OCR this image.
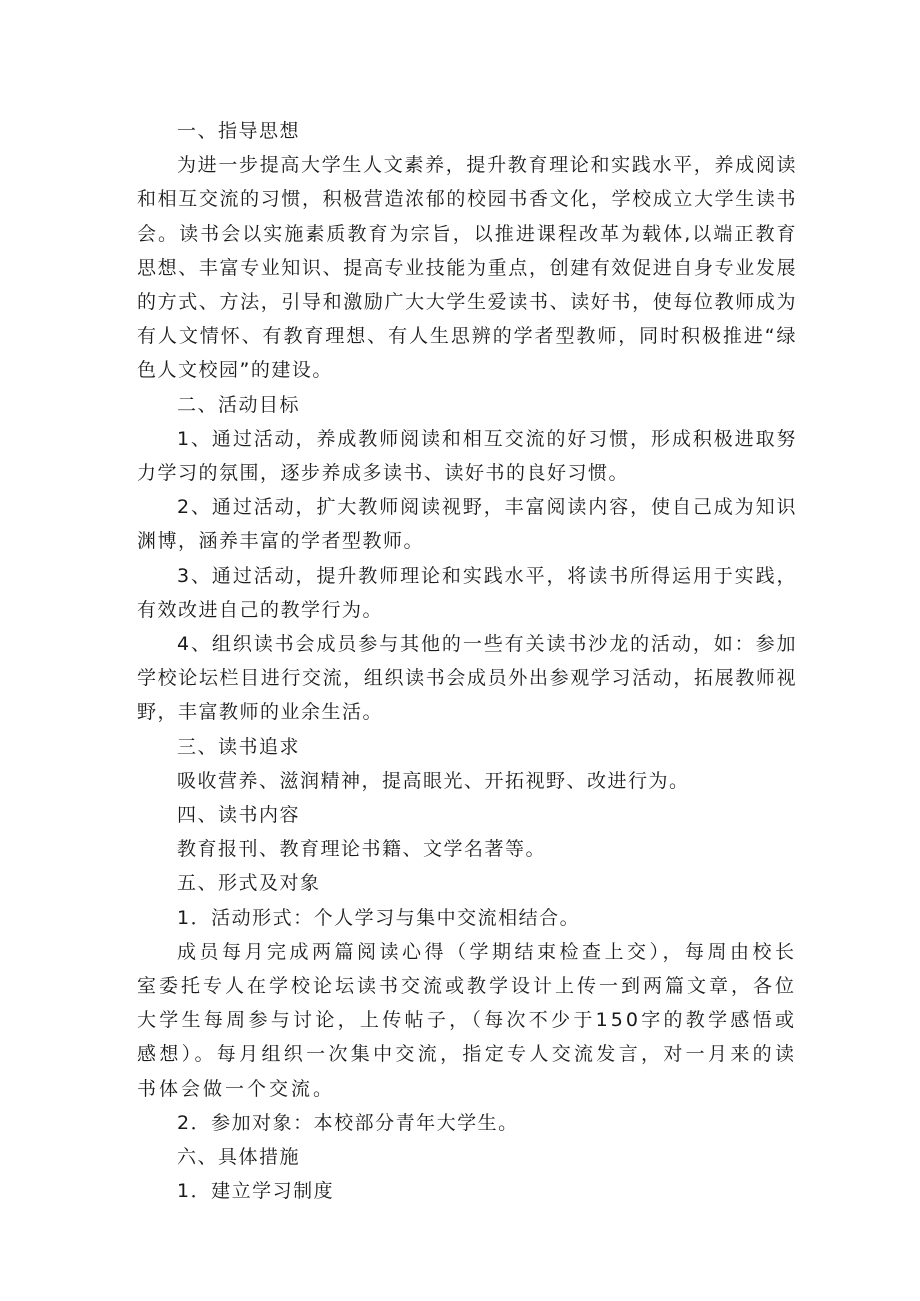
一、指导思想

为进一步提高大学生人文素养，提升教育理论和实践水平，养成阅读和相互交流的习惯，积极营造浓郁的校园书香文化，学校成立大学生读书会。读书会以实施素质教育为宗旨，以推进课程改革为载体,以端正教育思想、丰富专业知识、提高专业技能为重点，创建有效促进自身专业发展的方式、方法，引导和激励广大大学生爱读书、读好书，使每位教师成为有人文情怀、有教育理想、有人生思辨的学者型教师，同时积极推进“绿色人文校园”的建设。

二、活动目标

1、通过活动，养成教师阅读和相互交流的好习惯，形成积极进取努力学习的氛围，逐步养成多读书、读好书的良好习惯。

2、通过活动，扩大教师阅读视野，丰富阅读内容，使自己成为知识渊博，涵养丰富的学者型教师。

3、通过活动，提升教师理论和实践水平，将读书所得运用于实践，有效改进自己的教学行为。

4、组织读书会成员参与其他的一些有关读书沙龙的活动，如：参加学校论坛栏目进行交流，组织读书会成员外出参观学习活动，拓展教师视野，丰富教师的业余生活。

三、读书追求

吸收营养、滋润精神，提高眼光、开拓视野、改进行为。

四、读书内容

教育报刊、教育理论书籍、文学名著等。

五、形式及对象

1．活动形式：个人学习与集中交流相结合。

成员每月完成两篇阅读心得（学期结束检查上交），每周由校长室委托专人在学校论坛读书交流或教学设计上传一到两篇文章，各位大学生每周参与讨论，上传帖子，（每次不少于150字的教学感悟或感想）。每月组织一次集中交流，指定专人交流发言，对一月来的读书体会做一个交流。

2．参加对象：本校部分青年大学生。

六、具体措施

1．建立学习制度
